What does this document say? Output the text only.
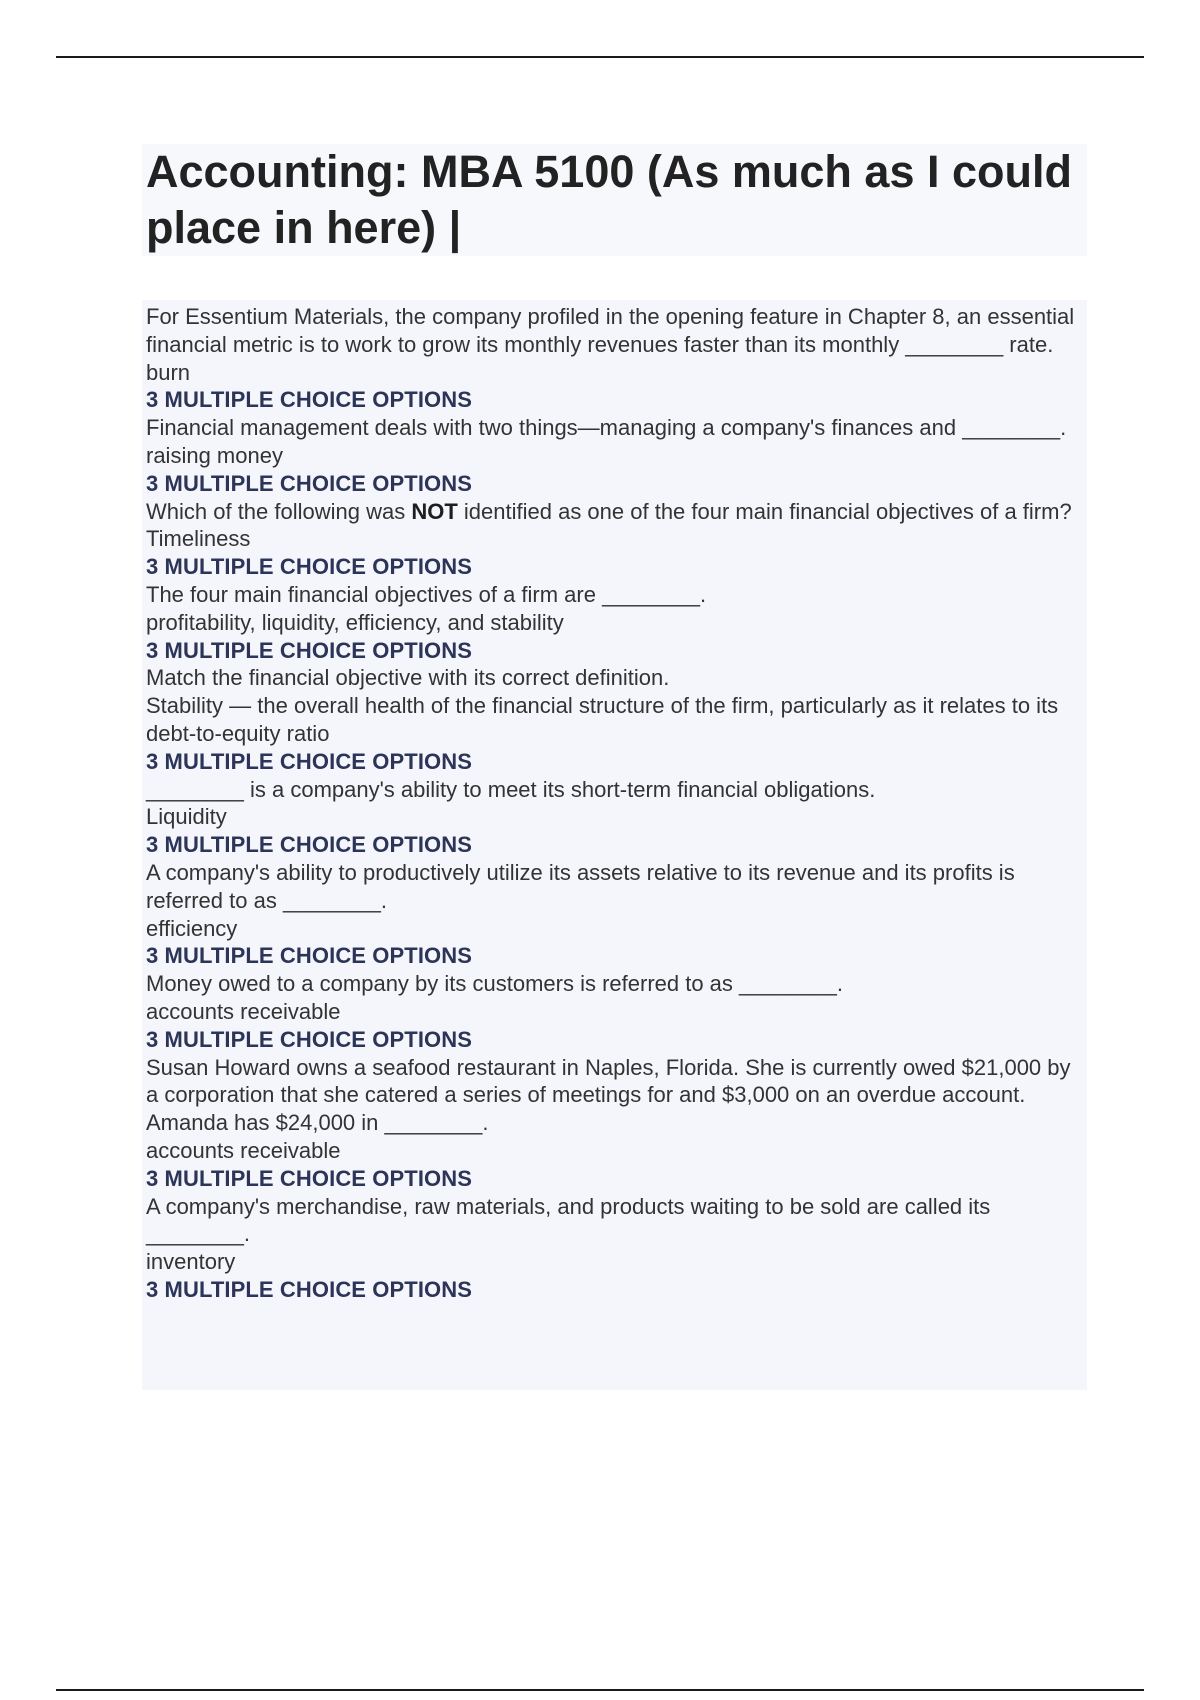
Accounting: MBA 5100 (As much as I could place in here) |
For Essentium Materials, the company profiled in the opening feature in Chapter 8, an essential financial metric is to work to grow its monthly revenues faster than its monthly ________ rate.
burn
3 MULTIPLE CHOICE OPTIONS
Financial management deals with two things—managing a company's finances and ________.
raising money
3 MULTIPLE CHOICE OPTIONS
Which of the following was NOT identified as one of the four main financial objectives of a firm?
Timeliness
3 MULTIPLE CHOICE OPTIONS
The four main financial objectives of a firm are ________.
profitability, liquidity, efficiency, and stability
3 MULTIPLE CHOICE OPTIONS
Match the financial objective with its correct definition.
Stability — the overall health of the financial structure of the firm, particularly as it relates to its debt-to-equity ratio
3 MULTIPLE CHOICE OPTIONS
________ is a company's ability to meet its short-term financial obligations.
Liquidity
3 MULTIPLE CHOICE OPTIONS
A company's ability to productively utilize its assets relative to its revenue and its profits is referred to as ________.
efficiency
3 MULTIPLE CHOICE OPTIONS
Money owed to a company by its customers is referred to as ________.
accounts receivable
3 MULTIPLE CHOICE OPTIONS
Susan Howard owns a seafood restaurant in Naples, Florida. She is currently owed $21,000 by a corporation that she catered a series of meetings for and $3,000 on an overdue account. Amanda has $24,000 in ________.
accounts receivable
3 MULTIPLE CHOICE OPTIONS
A company's merchandise, raw materials, and products waiting to be sold are called its ________.
inventory
3 MULTIPLE CHOICE OPTIONS
